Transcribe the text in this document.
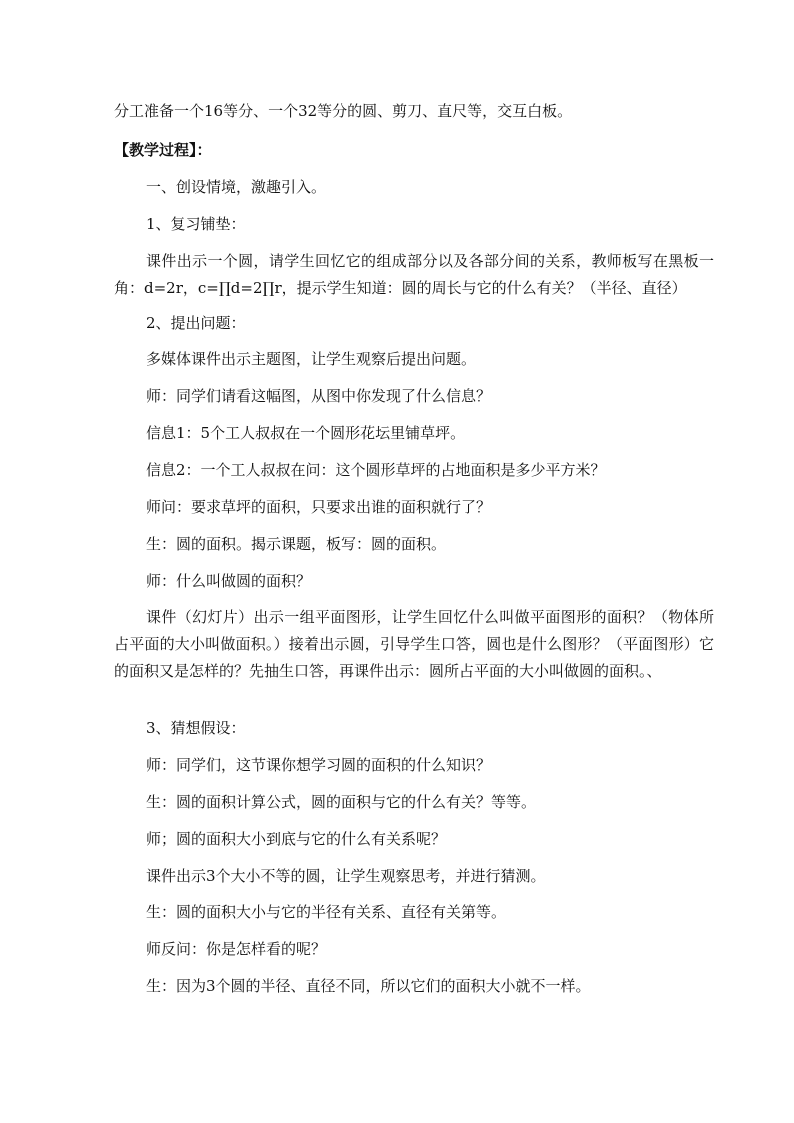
分工准备一个16等分、一个32等分的圆、剪刀、直尺等，交互白板。

【教学过程】：

一、创设情境，激趣引入。

1、复习铺垫：

课件出示一个圆，请学生回忆它的组成部分以及各部分间的关系，教师板写在黑板一角：d=2r，c=∏d=2∏r，提示学生知道：圆的周长与它的什么有关？（半径、直径）

2、提出问题：

多媒体课件出示主题图，让学生观察后提出问题。

师：同学们请看这幅图，从图中你发现了什么信息？

信息1：5个工人叔叔在一个圆形花坛里铺草坪。

信息2：一个工人叔叔在问：这个圆形草坪的占地面积是多少平方米？

师问：要求草坪的面积，只要求出谁的面积就行了？

生：圆的面积。揭示课题，板写：圆的面积。

师：什么叫做圆的面积？

课件（幻灯片）出示一组平面图形，让学生回忆什么叫做平面图形的面积？（物体所占平面的大小叫做面积。）接着出示圆，引导学生口答，圆也是什么图形？（平面图形）它的面积又是怎样的？先抽生口答，再课件出示：圆所占平面的大小叫做圆的面积。、

3、猜想假设：

师：同学们，这节课你想学习圆的面积的什么知识？

生：圆的面积计算公式，圆的面积与它的什么有关？等等。

师；圆的面积大小到底与它的什么有关系呢？

课件出示3个大小不等的圆，让学生观察思考，并进行猜测。

生：圆的面积大小与它的半径有关系、直径有关第等。

师反问：你是怎样看的呢？

生：因为3个圆的半径、直径不同，所以它们的面积大小就不一样。
